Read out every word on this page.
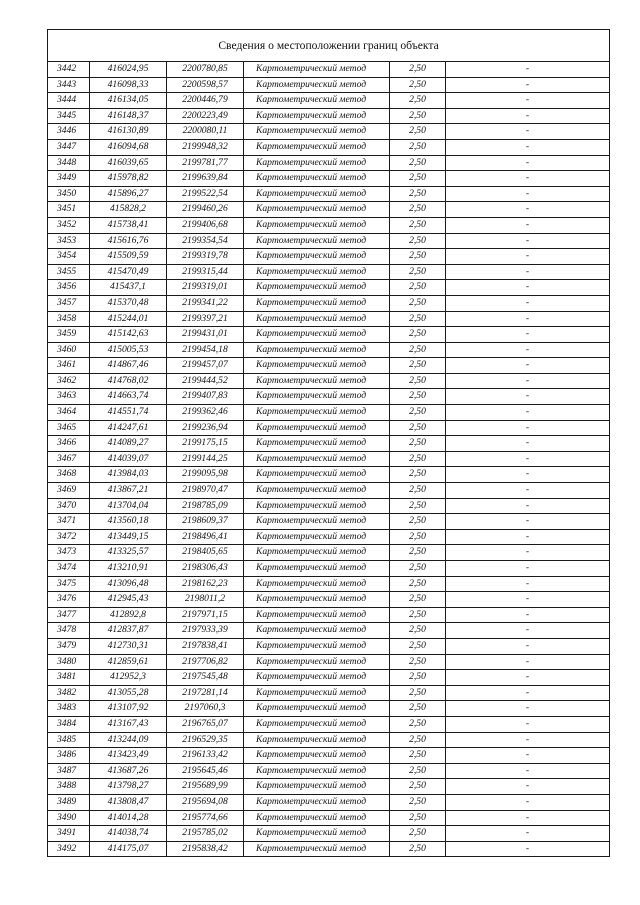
Сведения о местоположении границ объекта					
3442	416024,95	2200780,85	Картометрический метод	2,50	-
3443	416098,33	2200598,57	Картометрический метод	2,50	-
3444	416134,05	2200446,79	Картометрический метод	2,50	-
3445	416148,37	2200223,49	Картометрический метод	2,50	-
3446	416130,89	2200080,11	Картометрический метод	2,50	-
3447	416094,68	2199948,32	Картометрический метод	2,50	-
3448	416039,65	2199781,77	Картометрический метод	2,50	-
3449	415978,82	2199639,84	Картометрический метод	2,50	-
3450	415896,27	2199522,54	Картометрический метод	2,50	-
3451	415828,2	2199460,26	Картометрический метод	2,50	-
3452	415738,41	2199406,68	Картометрический метод	2,50	-
3453	415616,76	2199354,54	Картометрический метод	2,50	-
3454	415509,59	2199319,78	Картометрический метод	2,50	-
3455	415470,49	2199315,44	Картометрический метод	2,50	-
3456	415437,1	2199319,01	Картометрический метод	2,50	-
3457	415370,48	2199341,22	Картометрический метод	2,50	-
3458	415244,01	2199397,21	Картометрический метод	2,50	-
3459	415142,63	2199431,01	Картометрический метод	2,50	-
3460	415005,53	2199454,18	Картометрический метод	2,50	-
3461	414867,46	2199457,07	Картометрический метод	2,50	-
3462	414768,02	2199444,52	Картометрический метод	2,50	-
3463	414663,74	2199407,83	Картометрический метод	2,50	-
3464	414551,74	2199362,46	Картометрический метод	2,50	-
3465	414247,61	2199236,94	Картометрический метод	2,50	-
3466	414089,27	2199175,15	Картометрический метод	2,50	-
3467	414039,07	2199144,25	Картометрический метод	2,50	-
3468	413984,03	2199095,98	Картометрический метод	2,50	-
3469	413867,21	2198970,47	Картометрический метод	2,50	-
3470	413704,04	2198785,09	Картометрический метод	2,50	-
3471	413560,18	2198609,37	Картометрический метод	2,50	-
3472	413449,15	2198496,41	Картометрический метод	2,50	-
3473	413325,57	2198405,65	Картометрический метод	2,50	-
3474	413210,91	2198306,43	Картометрический метод	2,50	-
3475	413096,48	2198162,23	Картометрический метод	2,50	-
3476	412945,43	2198011,2	Картометрический метод	2,50	-
3477	412892,8	2197971,15	Картометрический метод	2,50	-
3478	412837,87	2197933,39	Картометрический метод	2,50	-
3479	412730,31	2197838,41	Картометрический метод	2,50	-
3480	412859,61	2197706,82	Картометрический метод	2,50	-
3481	412952,3	2197545,48	Картометрический метод	2,50	-
3482	413055,28	2197281,14	Картометрический метод	2,50	-
3483	413107,92	2197060,3	Картометрический метод	2,50	-
3484	413167,43	2196765,07	Картометрический метод	2,50	-
3485	413244,09	2196529,35	Картометрический метод	2,50	-
3486	413423,49	2196133,42	Картометрический метод	2,50	-
3487	413687,26	2195645,46	Картометрический метод	2,50	-
3488	413798,27	2195689,99	Картометрический метод	2,50	-
3489	413808,47	2195694,08	Картометрический метод	2,50	-
3490	414014,28	2195774,66	Картометрический метод	2,50	-
3491	414038,74	2195785,02	Картометрический метод	2,50	-
3492	414175,07	2195838,42	Картометрический метод	2,50	-
